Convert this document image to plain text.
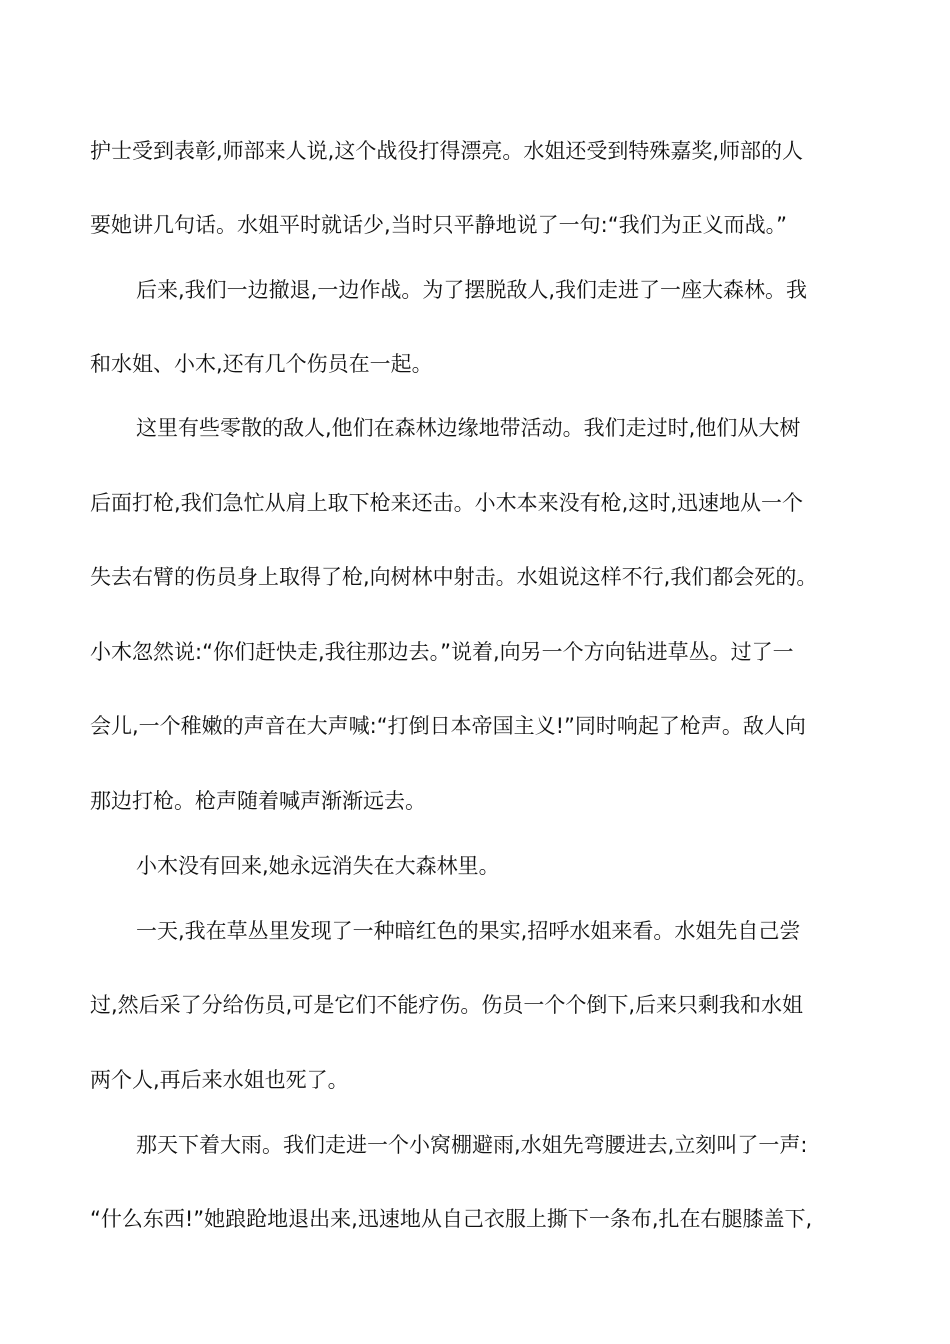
护士受到表彰,师部来人说,这个战役打得漂亮。水姐还受到特殊嘉奖,师部的人
要她讲几句话。水姐平时就话少,当时只平静地说了一句:“我们为正义而战。”
后来,我们一边撤退,一边作战。为了摆脱敌人,我们走进了一座大森林。我
和水姐、小木,还有几个伤员在一起。
这里有些零散的敌人,他们在森林边缘地带活动。我们走过时,他们从大树
后面打枪,我们急忙从肩上取下枪来还击。小木本来没有枪,这时,迅速地从一个
失去右臂的伤员身上取得了枪,向树林中射击。水姐说这样不行,我们都会死的。
小木忽然说:“你们赶快走,我往那边去。”说着,向另一个方向钻进草丛。过了一
会儿,一个稚嫩的声音在大声喊:“打倒日本帝国主义!”同时响起了枪声。敌人向
那边打枪。枪声随着喊声渐渐远去。
小木没有回来,她永远消失在大森林里。
一天,我在草丛里发现了一种暗红色的果实,招呼水姐来看。水姐先自己尝
过,然后采了分给伤员,可是它们不能疗伤。伤员一个个倒下,后来只剩我和水姐
两个人,再后来水姐也死了。
那天下着大雨。我们走进一个小窝棚避雨,水姐先弯腰进去,立刻叫了一声:
“什么东西!”她踉跄地退出来,迅速地从自己衣服上撕下一条布,扎在右腿膝盖下,
